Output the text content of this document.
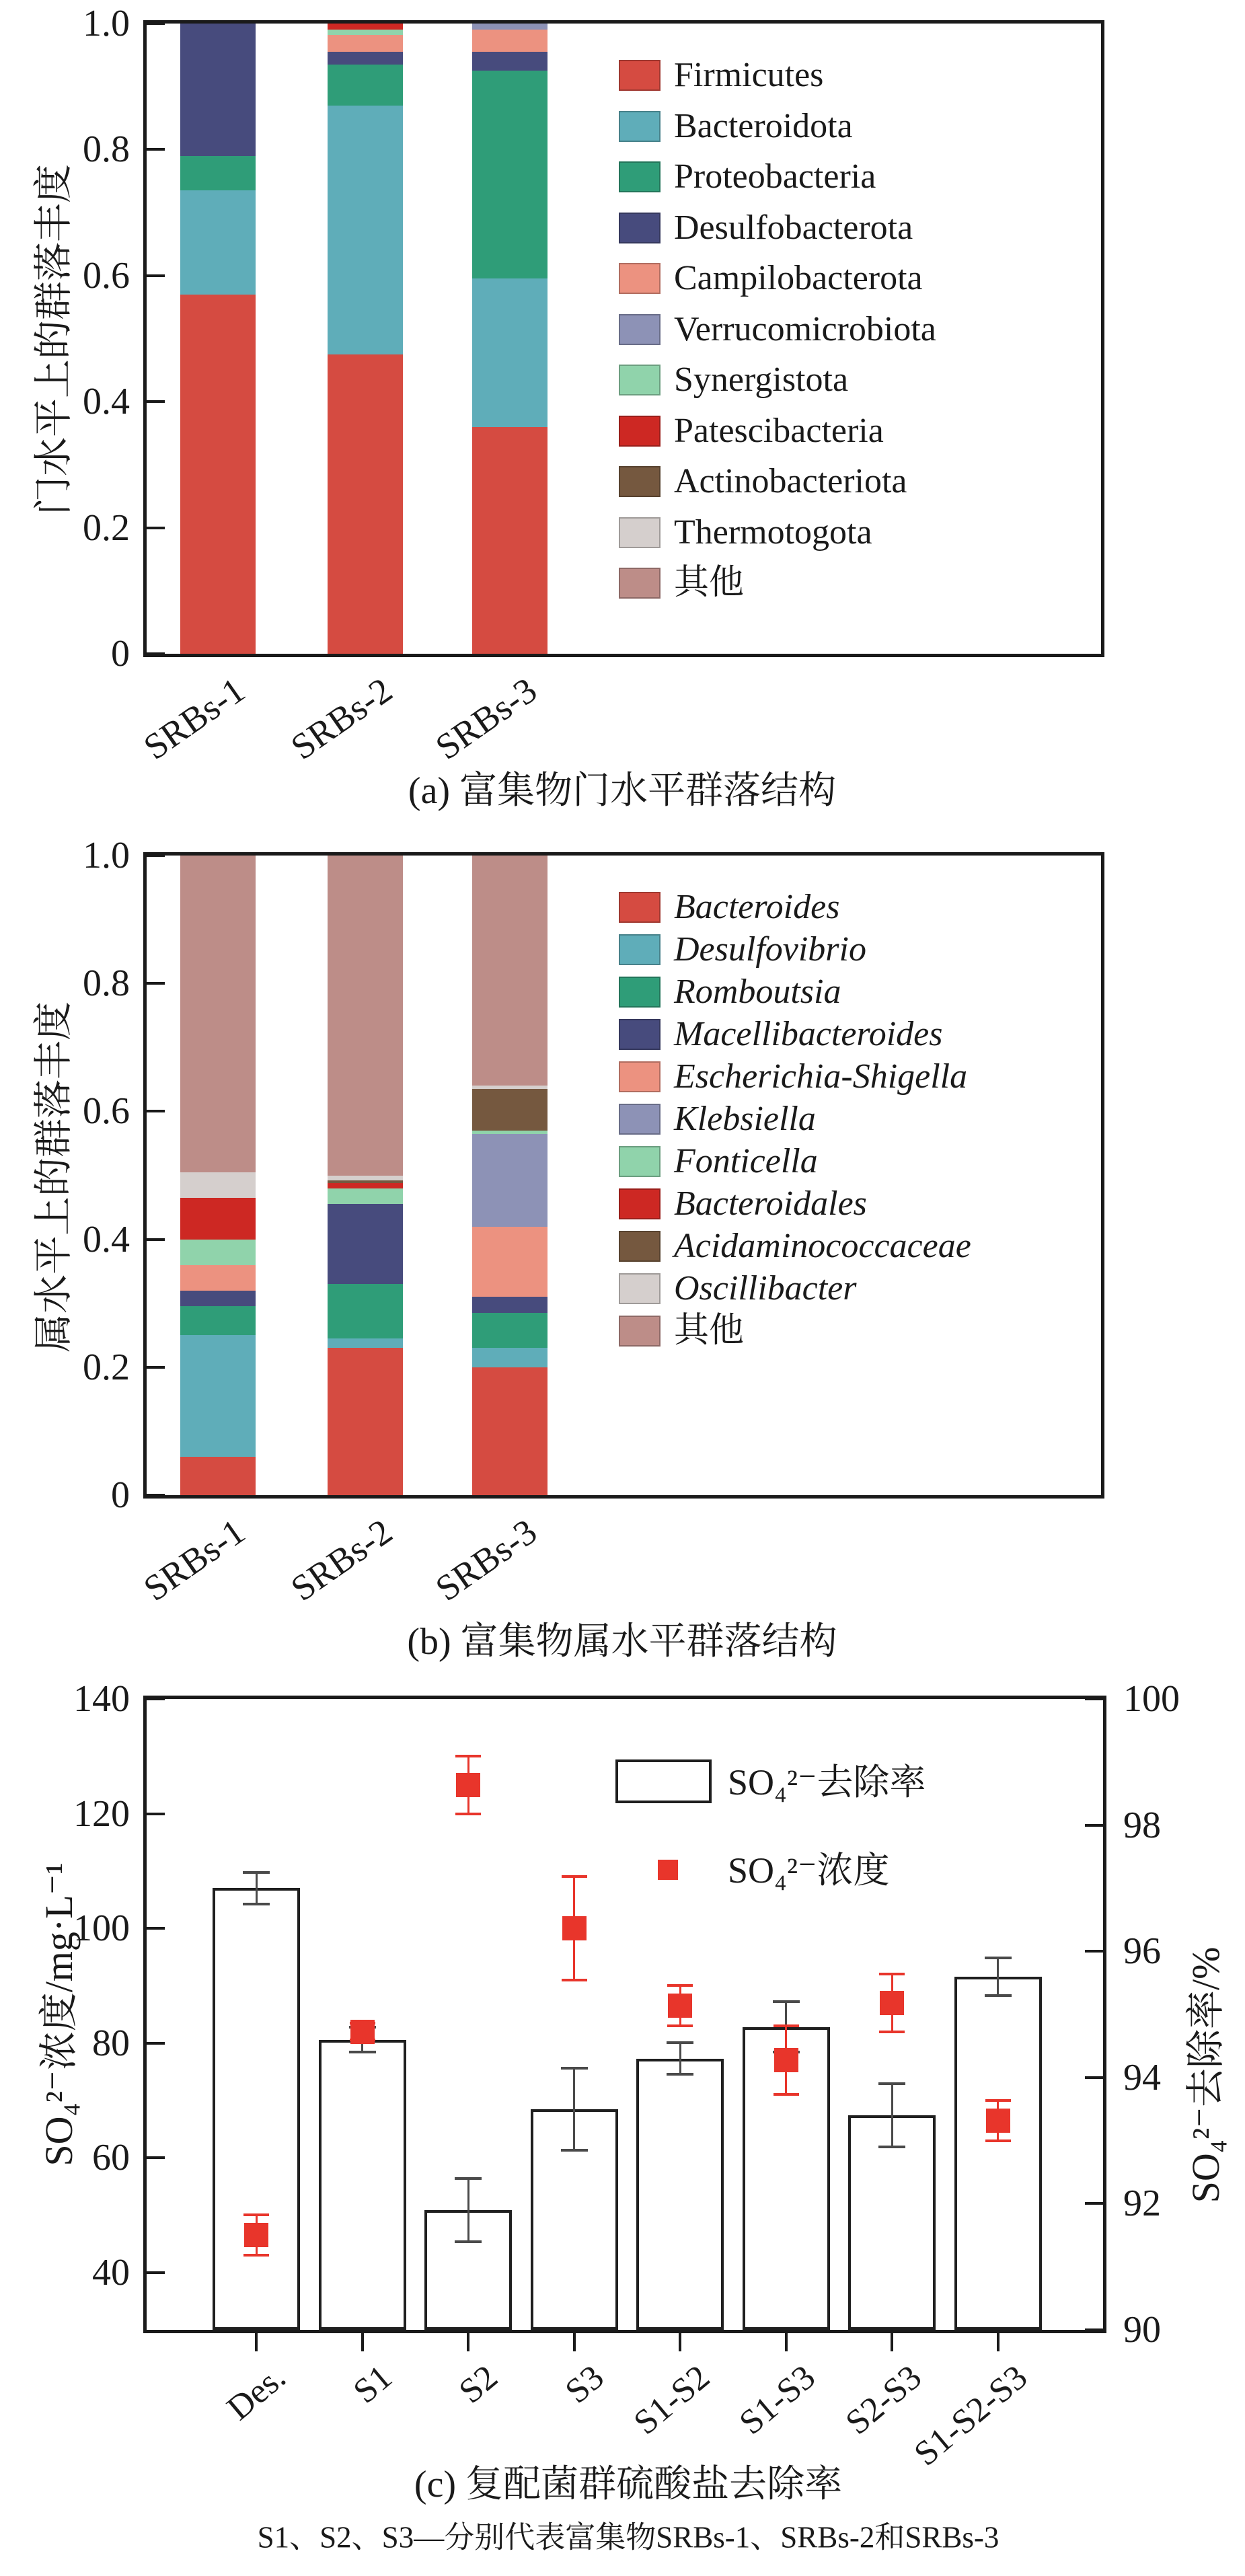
0
0.2
0.4
0.6
0.8
1.0
门水平上的群落丰度
SRBs-1 SRBs-2 SRBs-3
Firmicutes
Bacteroidota
Proteobacteria
Desulfobacterota
Campilobacterota
Verrucomicrobiota
Synergistota
Patescibacteria
Actinobacteriota
Thermotogota
其他
(a) 富集物门水平群落结构
0
0.2
0.4
0.6
0.8
1.0
属水平上的群落丰度
SRBs-1 SRBs-2 SRBs-3
Bacteroides
Desulfovibrio
Romboutsia
Macellibacteroides
Escherichia-Shigella
Klebsiella
Fonticella
Bacteroidales
Acidaminococcaceae
Oscillibacter
其他
(b) 富集物属水平群落结构
140
120
100
80
60
40
100
98
96
94
92
90
SO₄²⁻浓度/mg·L⁻¹	SO₄²⁻去除率/%
Des. S1 S2 S3 S1-S2 S1-S3 S2-S3
S1-S2-S3
SO₄²⁻去除率
SO₄²⁻浓度
(c) 复配菌群硫酸盐去除率
S1、S2、S3—分别代表富集物SRBs-1、SRBs-2和SRBs-3
